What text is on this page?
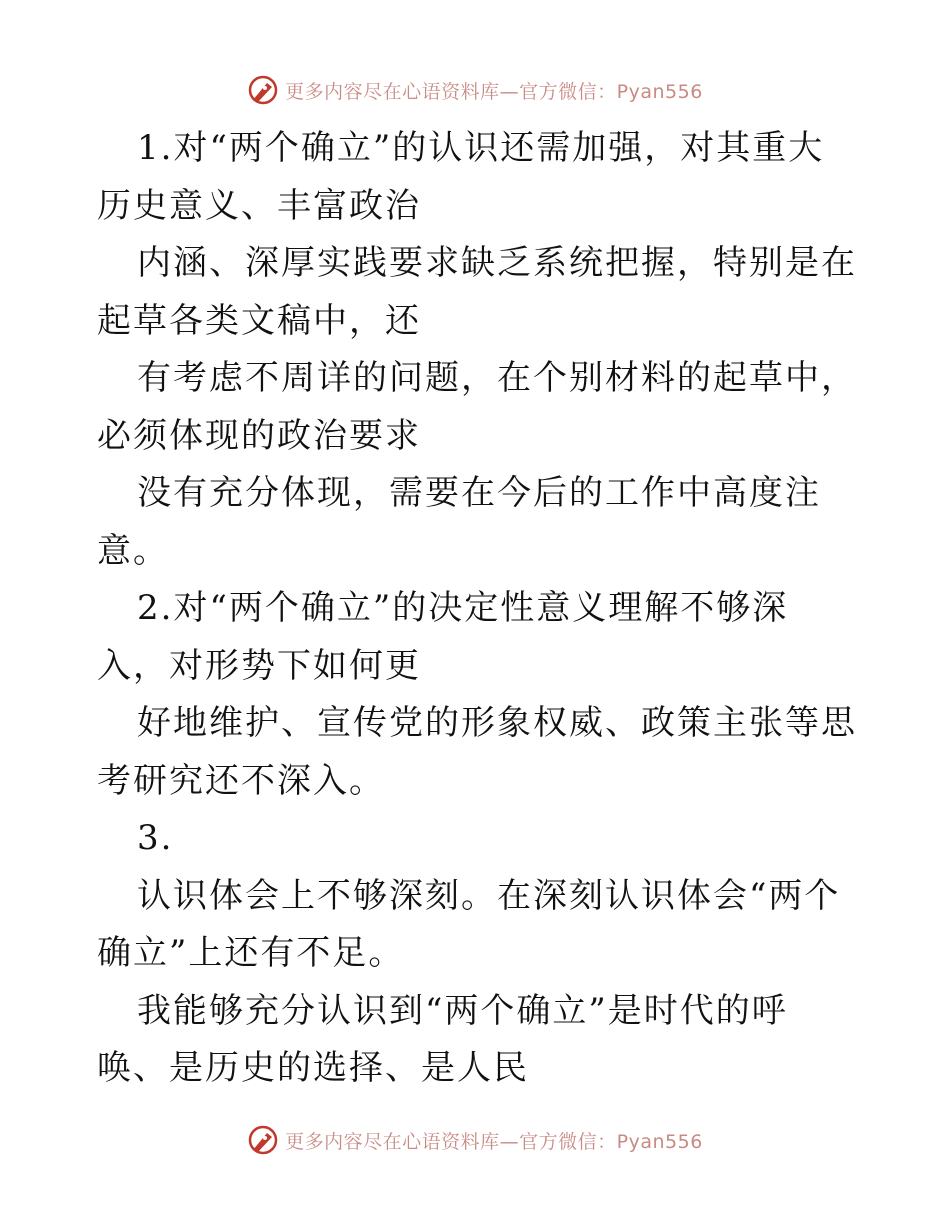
更多内容尽在心语资料库—官方微信：Pyan556

1.对“两个确立”的认识还需加强，对其重大历史意义、丰富政治

内涵、深厚实践要求缺乏系统把握，特别是在起草各类文稿中，还

有考虑不周详的问题，在个别材料的起草中，必须体现的政治要求

没有充分体现，需要在今后的工作中高度注意。

2.对“两个确立”的决定性意义理解不够深入，对形势下如何更

好地维护、宣传党的形象权威、政策主张等思考研究还不深入。

3.

认识体会上不够深刻。在深刻认识体会“两个确立”上还有不足。

我能够充分认识到“两个确立”是时代的呼唤、是历史的选择、是人民

更多内容尽在心语资料库—官方微信：Pyan556
